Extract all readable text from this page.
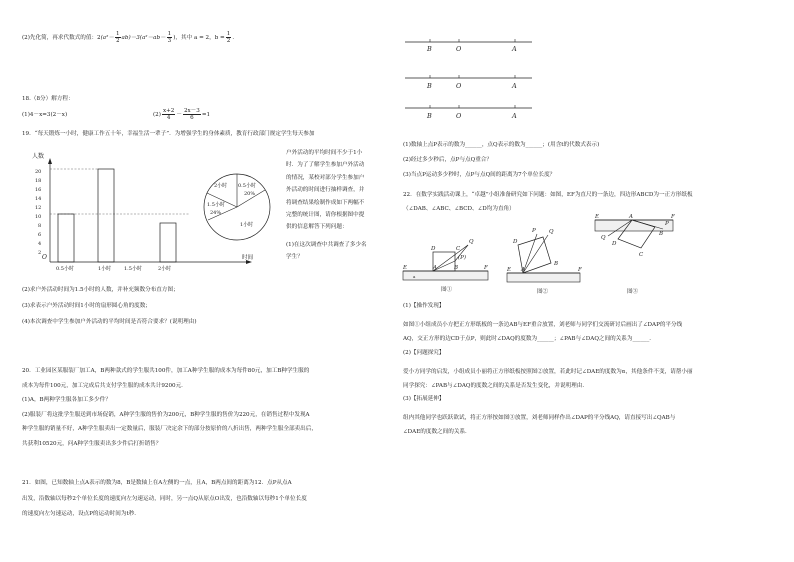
(2)先化简，再求代数式的值：$2(a^2- \frac{1}{2} ab)-3(a^2-ab- \frac{1}{3}$ )，其中 a = 2，$b = \frac{1}{2}$ ．
18.（8分）解方程：
(1)4－x=3(2－x)	$(2) \frac{x+2}{4} - \frac{2x-3}{6} =1$
19．“每天锻炼一小时，健康工作五十年，幸福生活一辈子”．为增强学生的身体素质，教育行政部门规定学生每天参加
户外活动的平均时间不少于1小
时．为了了解学生参加户外活动
的情况，某校对部分学生参加户
外活动的时间进行抽样调查，并
将调查结果绘制作成如下两幅不
完整的统计图，请你根据图中提
供的信息解答下列问题：
(1)在这次调查中共调查了多少名
学生？
人数
O	时间
2
4
6
8
10
12
14
16
18
20
0.5小时	1小时	1.5小时	2小时
0.5小时
20%
1.5小时
24%
1小时
2小时
(2)求户外活动时间为1.5小时的人数，并补充频数分布直方图；
(3)求表示户外活动时间1小时的扇形圆心角的度数；
(4)本次调查中学生参加户外活动的平均时间是否符合要求？(说明理由)
20．工业园区某服装厂加工A，B两种款式的学生服共100件，加工A种学生服的成本为每件80元，加工B种学生服的
成本为每件100元，加工完成后共支付学生服的成本共计9200元．
(1)A，B两种学生服各加工多少件？
(2)服装厂将这批学生服送到市场促销，A种学生服的售价为200元，B种学生服的售价为220元，在销售过程中发现A
种学生服的销量不好，A种学生服卖出一定数量后，服装厂决定余下的部分按原价的八折出售，两种学生服全部卖出后，
共获利10520元，问A种学生服卖出多少件后打折销售？
21．如图，已知数轴上点A表示的数为8，B是数轴上在A左侧的一点，且A，B两点间的距离为12．点P从点A
出发，沿数轴以每秒2个单位长度的速度向左匀速运动，同时，另一点Q从原点O出发，也沿数轴以每秒1个单位长度
的速度向左匀速运动，设点P的运动时间为t秒．
B	O	A
B	O	A
B	O	A
(1)数轴上点P表示的数为______，点Q表示的数为______；(用含t的代数式表示)
(2)经过多少秒后，点P与点Q重合？
(3)当点P运动多少秒时，点P与点Q间的距离为7个单位长度？
22．在数学实践活动课上，“卓越”小组准备研究如下问题：如图，EF为直尺的一条边，四边形ABCD为一正方形纸板
（∠DAB、∠ABC、∠BCD、∠D均为直角）
D	C
Q
(P)
E	A	B	F
a
图①
D
P Q
B
E A	F
图②
E	A	F
Q
D
B
C
P
图③
(1)【操作发现】
如图①小组成员小方把正方形纸板的一条边AB与EF重合放置，刘老师与同学们交流研讨后画出了∠DAP的平分线
AQ，交正方形的边CD于点P，则此时∠DAQ的度数为______；∠PAB与∠DAQ之间的关系为______．
(2)【问题探究】
爱小方同学的启发，小组成员小丽将正方形纸板按照图②放置，若此时记∠DAE的度数为α，其他条件不变，请帮小丽
同学探究：∠PAB与∠DAQ的度数之间的关系是否发生变化，并说明理由．
(3)【拓展延伸】
组内其他同学也跃跃欲试，将正方形按如图③放置，刘老师同样作出∠DAP的平分线AQ，请直接写出∠QAB与
∠DAE的度数之间的关系．
